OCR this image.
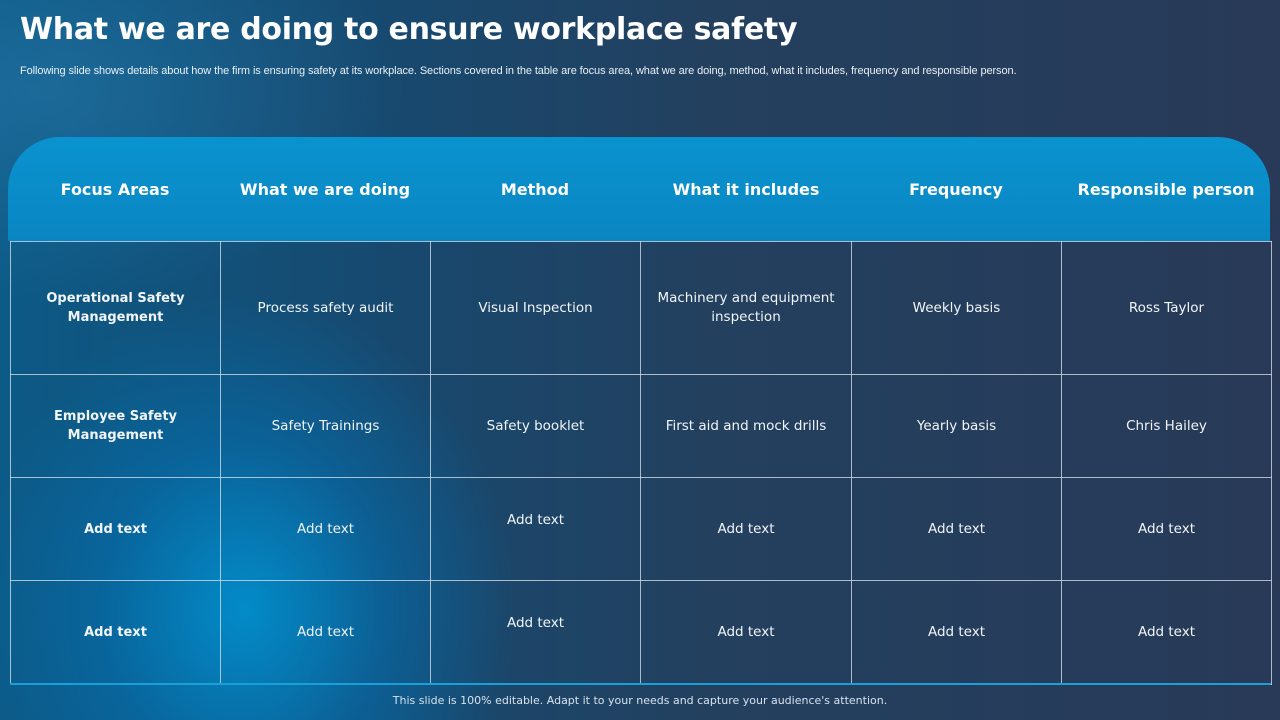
What we are doing to ensure workplace safety

Following slide shows details about how the firm is ensuring safety at its workplace. Sections covered in the table are focus area, what we are doing, method, what it includes, frequency and responsible person.

Focus Areas	What we are doing	Method	What it includes	Frequency	Responsible person
Operational Safety Management	Process safety audit	Visual Inspection	Machinery and equipment inspection	Weekly basis	Ross Taylor
Employee Safety Management	Safety Trainings	Safety booklet	First aid and mock drills	Yearly basis	Chris Hailey
Add text	Add text	Add text	Add text	Add text	Add text
Add text	Add text	Add text	Add text	Add text	Add text
This slide is 100% editable. Adapt it to your needs and capture your audience's attention.
